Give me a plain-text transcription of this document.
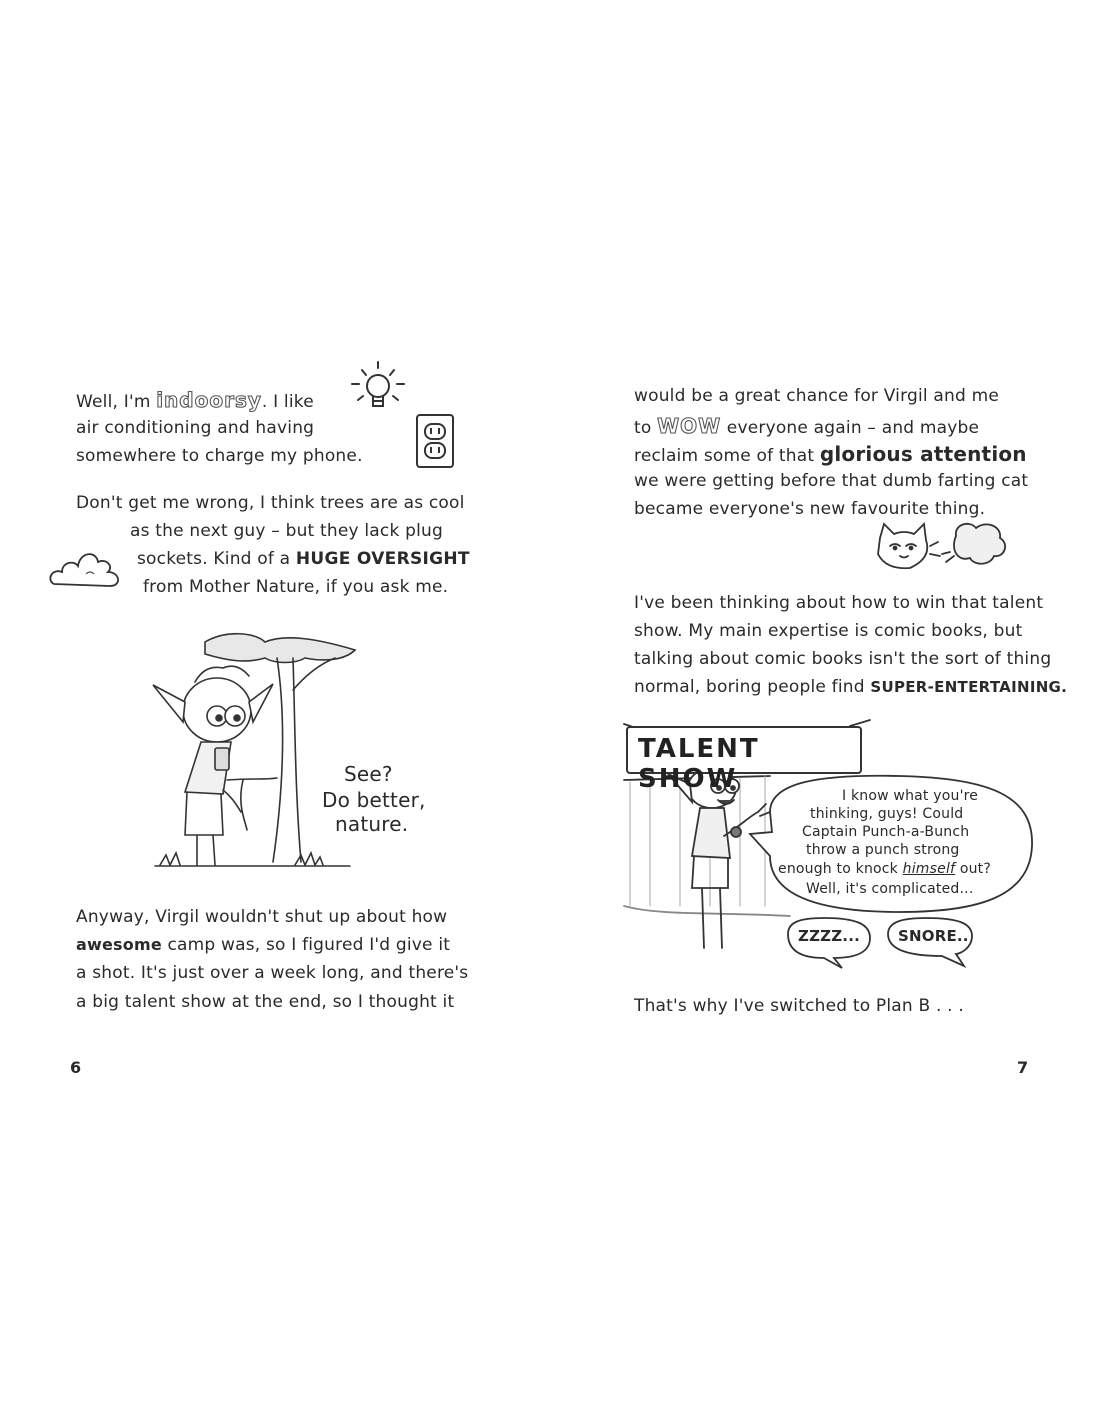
Well, I'm indoorsy. I like
air conditioning and having
somewhere to charge my phone.
Don't get me wrong, I think trees are as cool
as the next guy – but they lack plug
sockets. Kind of a HUGE OVERSIGHT
from Mother Nature, if you ask me.
See?
Do better,
nature.
Anyway, Virgil wouldn't shut up about how
awesome camp was, so I figured I'd give it
a shot. It's just over a week long, and there's
a big talent show at the end, so I thought it
6
would be a great chance for Virgil and me
to WOW everyone again – and maybe
reclaim some of that glorious attention
we were getting before that dumb farting cat
became everyone's new favourite thing.
I've been thinking about how to win that talent
show. My main expertise is comic books, but
talking about comic books isn't the sort of thing
normal, boring people find SUPER-ENTERTAINING.
TALENT SHOW
I know what you're
thinking, guys! Could
Captain Punch-a-Bunch
throw a punch strong
enough to knock himself out?
Well, it's complicated...
ZZZZ...	SNORE..
That's why I've switched to Plan B . . .
7
